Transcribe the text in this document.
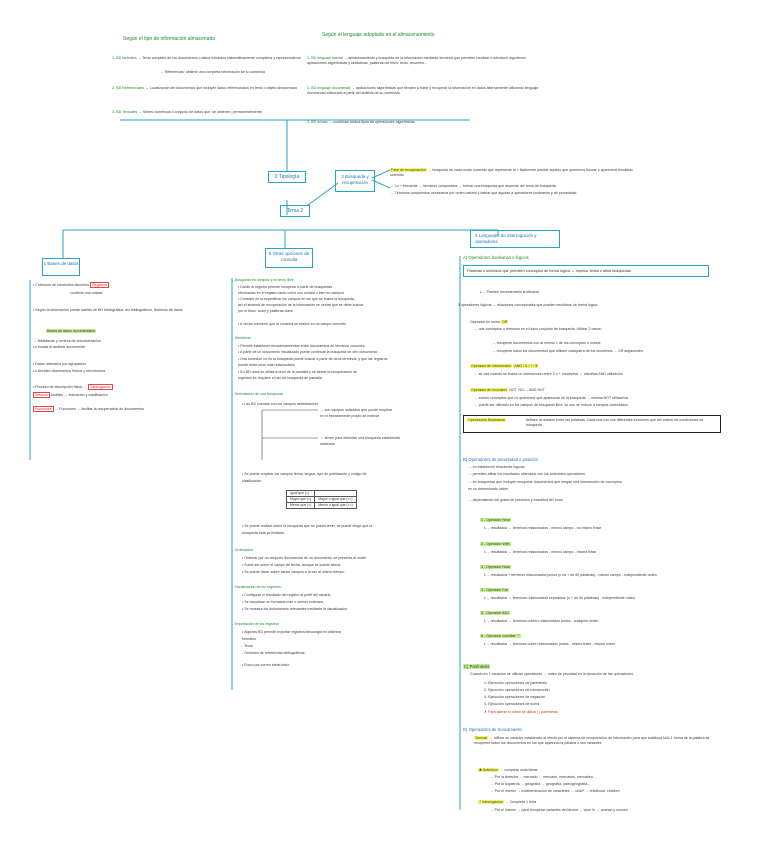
Según el tipo de información almacenada
1- BD factuales → Texto completo de los documentos o datos extraídos sistemáticamente completos y representativos
→ Referencias: obtiene una completa información de lo contenido
2- BD Referenciales → Localización de documentos que incluyen datos referenciados en texto o objeto almacenado
3- BD Textuales → Series numéricas o conjunto de datos que, se obtienen, permanentemente
Según el lenguaje adoptado en el almacenamiento
1- BD lenguaje natural → almacenamiento y búsqueda de la información mediante términos que permiten localizar e introducir algoritmos aplicaciones algorítmicas y sintácticas, palabras del título, texto, resumen...
2- BD lenguaje documental → aplicaciones algorítmicas que tienden a tratar y recuperar la información en datos alternamente utilizando lenguaje documental elaborado a partir del análisis de su contenido
3- BD mixtas → combinan ambos tipos de operaciones algorítmicas
2 Tipología
Tema 2
3 Búsqueda y recuperación
Fase de recuperación → búsqueda en cada modo concreto que represente la + fácilmente posible aquello que queremos buscar y aparecerá resultado obtenido
→ Lo + frecuente → términos compuestos → formar una búsqueda que depende del tema de búsqueda
→ Términos compuestos necesarios por orden natural y hablar que ayudan a operadores booleanos y de proximidad
1 Bases de datos
• Colección de elementos discretos Registros
contiene una unidad
• Según la información puede habitar de BD bibliográfica, así bibliográficos, términos de datos
Bases de datos documentales
→ Bibliotecas y centros de documentación
Lo instala el análisis documental
• Datos obtenidos por agrupación
Lo deciden documentos físicos y electrónicos
• Proceso de descripción física → Catalogación
Tesauro Análisis → indización y clasificación
Funciones → Funciones → facilitar la recuperación de documentos
5 Otras opciones de consulta
→ Búsqueda en campos y en texto libre
• Dividir el registro permite recuperar a partir de búsquedas
efectuadas en el registro tanto como con unidad o bien en campos
• Consiste en la especificar los campos en los que se busca la búsqueda,
así el sistema de recuperación de la información se centra que se debe buscar
por el título, autor y palabras clave
• A veces conviene que la consulta se realice en un campo concreto
→ Hipertexto
• Permite establecer encadenamientos entre documentos en términos comunes
• A partir de un documento visualizado puede continuar la búsqueda de otro documento
• Una conexión no es la búsqueda puede buscar a partir de otros términos, y que las registros
puede estar unos más relacionados
• En BD unos se utiliza a nivel de la pantalla y se desde la recuperación de
registros se requiere el uso de búsqueda de pantalla
→ Delimitación de una búsqueda
• Las BD cuentan con los campos delimitadores
→ son campos indizados que puede emplear
en el estrictamente propio de indexar
→ sirven para delimitar una búsqueda establecida
realizada
• Se puede emplear los campos fecha, lengua, tipo de publicación y código de
clasificación
Igual que (=)	
Mayor que (>)	Mayor o igual que (>=)
Menor que (<)	Menor o igual que (<=)
• Se puede realizar sobre la búsqueda que se pueda tener, se puede elegir qué la
búsqueda está ya limitada
→ Ordenación
• Ordenar por un conjunto documental de un documento, se presenta el orden
• Suele ser sobre el campo de fecha, aunque se puede alterar
• Se puede hacer sobre varios campos a la vez al mismo tiempo
→ Visualización de los registros
• Configurar el resultado del registro al perfil del usuario
• Se visualizan en formatos más o menos extensos
• Se muestra los documentos relevantes mediante la visualización
→ Exportación de los registros
• Algunas BD permite exportar registros/descargar en distintos
formatos
- Texto
- Gestores de referencias bibliográficas
• Envío por correo electrónico
4 Lenguajes de interrogación y operadores
A) Operadores booleanos o lógicos
Palabras o símbolos que permiten conceptos de forma lógica → implica, limita o afina búsquedas
L→ Pueden incrementarlo la eficacia
3 operadores lógicos → relaciones conceptuales que pueden escribirse de forma lógica
Operador de suma OR
→ unir conceptos o términos en el único conjunto de búsqueda. Utilizar 2 casos:
→ recuperar documentos con al menos 1 de los conceptos o unidos
→ recuperar todos los documentos que utilicen cualquiera de los sinónimos → OR adyacentes
Operador de intersección AND / & / + / $
→ se usa cuando se busca un intersección entre 2 o + conceptos → visualiza AND utilización
Operador de exclusión NOT, NO, -, AND NOT
→ excluir conceptos que no queremos que aparezcan en la búsqueda → elimina NOT utilizamos
→ puede ser utilizado en los campos de búsqueda libre, su uso se reduce a campos controlados
Operadores Booleanos	definen la relación entre las palabras. Cada una con sus diferentes funciones que del criterio de condiciones de búsqueda
B) Operadores de proximidad o posición
→ no establecen relaciones lógicas
→ permiten afinar los resultados obtenidos con los anteriores operadores
→ en búsquedas que incluyen recuperar documentos que tengan una intersección de conceptos
en un determinado orden
→ dependiendo del grado de precisión y exactitud del nodo
1 - Operador Near
L→ resultados → términos relacionados - mismo campo - no mismo frase
2 - Operador With
L→ resultados → términos relacionados - mismo campo - misma frase
3 - Operador Near
L→ resultados + términos relacionados juntos (n no + de 50 palabras) - mismo campo - independiente orden
4 - Operador Far
L→ resultados → términos relacionados separados (n + de 50 palabras) - independiente orden
5 - Operador ADJ
L→ resultados → términos cubren relacionados juntos - cualquier orden
6 - Operador comillas " "
L→ resultados → términos cubre relacionados juntos - mismo frase - mismo orden
C) Paréntesis
Cuando en 1 ecuación se utilizan operadores → orden de prioridad en la ejecución de las operaciones
1- Ejecución operaciones de paréntesis
2- Ejecución operaciones de intersección
3- Ejecución operaciones de negación
4- Ejecución operaciones de suma
✗ Para alterar el orden se utiliza ( ) paréntesis
D) Operadores de truncamiento
Truncar → utilizar un carácter establecido al efecto por el sistema de recuperación de información para que sustituya sólo 1 forma de la palabra se recuperen todos los documentos en los que aparezca la palabra o sus variantes
✱ Asterisco → completa unos letras
→ Por la derecha → mercado → mercado, mercados, mercadeo...
→ Por la izquierda → geografía → geografía, paleogeografía...
→ Por el interior → indeterminación de caracteres → child* → childhood, children
? Interrogación → Completa 1 letra
→ Por el interior → para recuperar variantes del idioma → wom?n → woman y women
